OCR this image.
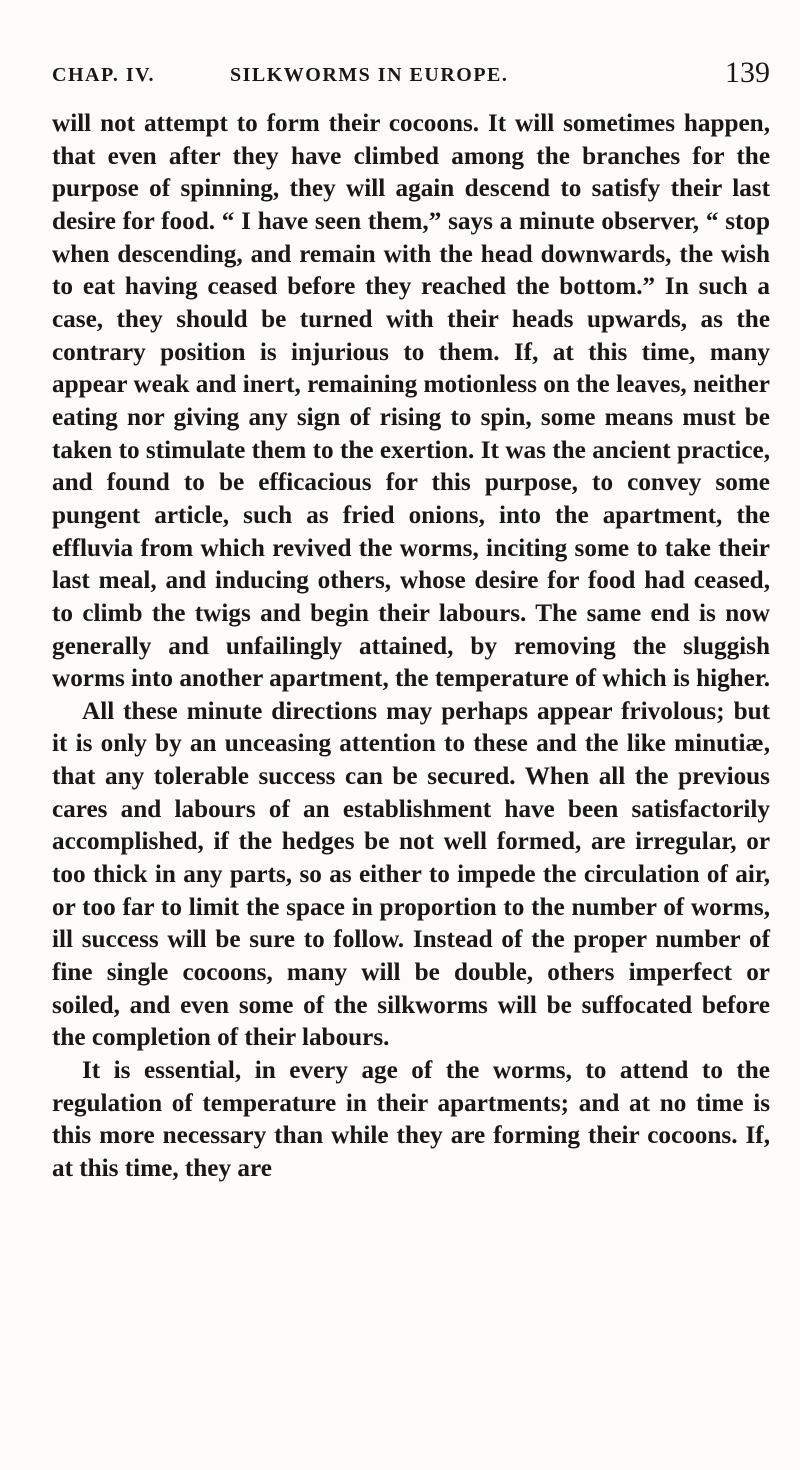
CHAP. IV.	SILKWORMS IN EUROPE.	139

will not attempt to form their cocoons. It will sometimes happen, that even after they have climbed among the branches for the purpose of spinning, they will again descend to satisfy their last desire for food. “ I have seen them,” says a minute observer, “ stop when descending, and remain with the head downwards, the wish to eat having ceased before they reached the bottom.” In such a case, they should be turned with their heads upwards, as the contrary position is injurious to them. If, at this time, many appear weak and inert, remaining motionless on the leaves, neither eating nor giving any sign of rising to spin, some means must be taken to stimulate them to the exertion. It was the ancient practice, and found to be efficacious for this purpose, to convey some pungent article, such as fried onions, into the apartment, the effluvia from which revived the worms, inciting some to take their last meal, and inducing others, whose desire for food had ceased, to climb the twigs and begin their labours. The same end is now generally and unfailingly attained, by removing the sluggish worms into another apartment, the temperature of which is higher.

All these minute directions may perhaps appear frivolous; but it is only by an unceasing attention to these and the like minutiæ, that any tolerable success can be secured. When all the previous cares and labours of an establishment have been satisfactorily accomplished, if the hedges be not well formed, are irregular, or too thick in any parts, so as either to impede the circulation of air, or too far to limit the space in proportion to the number of worms, ill success will be sure to follow. Instead of the proper number of fine single cocoons, many will be double, others imperfect or soiled, and even some of the silkworms will be suffocated before the completion of their labours.

It is essential, in every age of the worms, to attend to the regulation of temperature in their apartments; and at no time is this more necessary than while they are forming their cocoons. If, at this time, they are
